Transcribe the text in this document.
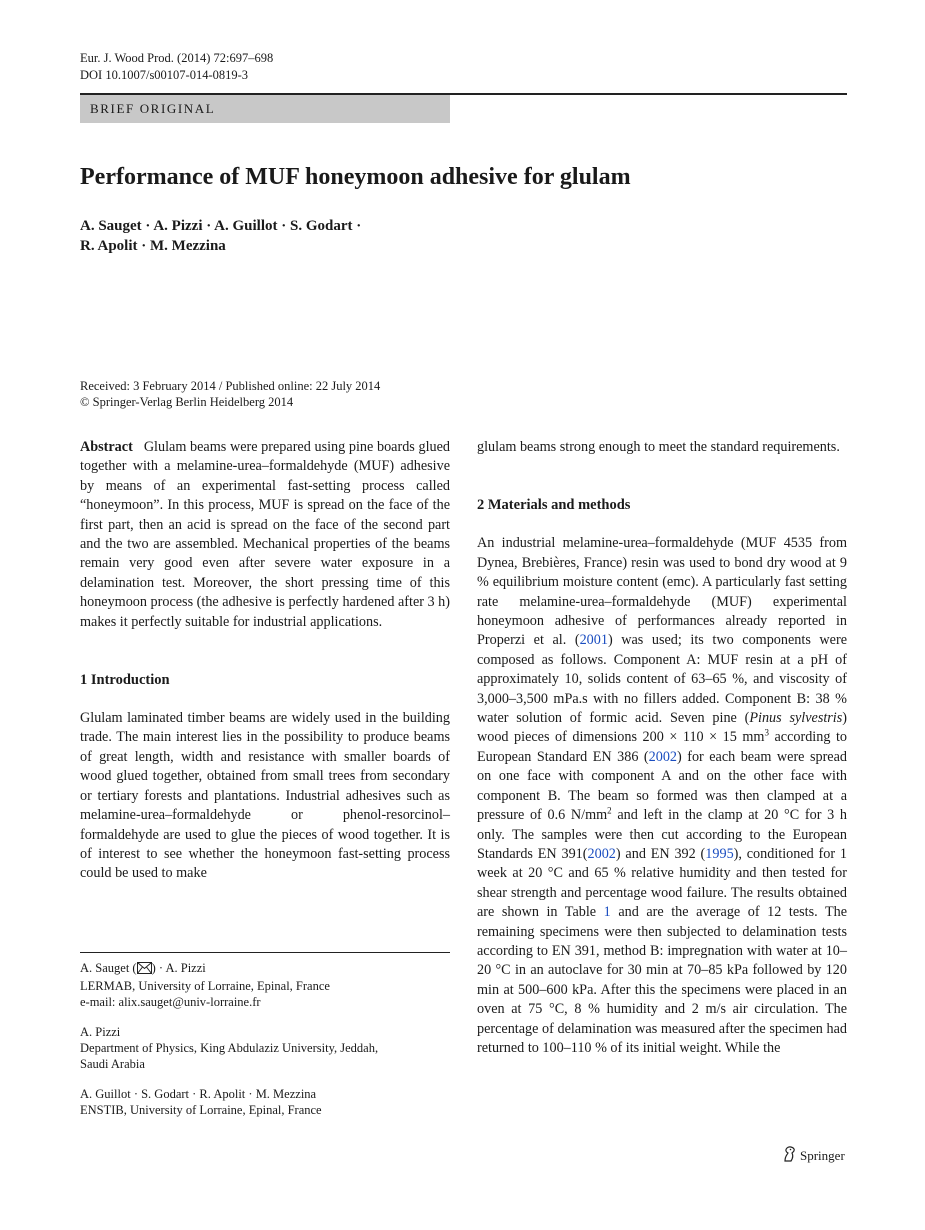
Eur. J. Wood Prod. (2014) 72:697–698
DOI 10.1007/s00107-014-0819-3
BRIEF ORIGINAL
Performance of MUF honeymoon adhesive for glulam
A. Sauget · A. Pizzi · A. Guillot · S. Godart ·
R. Apolit · M. Mezzina
Received: 3 February 2014 / Published online: 22 July 2014
© Springer-Verlag Berlin Heidelberg 2014

Abstract Glulam beams were prepared using pine boards glued together with a melamine-urea–formaldehyde (MUF) adhesive by means of an experimental fast-setting process called “honeymoon”. In this process, MUF is spread on the face of the first part, then an acid is spread on the face of the second part and the two are assembled. Mechanical properties of the beams remain very good even after severe water exposure in a delamination test. Moreover, the short pressing time of this honeymoon process (the adhesive is perfectly hardened after 3 h) makes it perfectly suitable for industrial applications.

1 Introduction

Glulam laminated timber beams are widely used in the building trade. The main interest lies in the possibility to produce beams of great length, width and resistance with smaller boards of wood glued together, obtained from small trees from secondary or tertiary forests and plantations. Industrial adhesives such as melamine-urea–formaldehyde or phenol-resorcinol–formaldehyde are used to glue the pieces of wood together. It is of interest to see whether the honeymoon fast-setting process could be used to make

glulam beams strong enough to meet the standard requirements.

2 Materials and methods

An industrial melamine-urea–formaldehyde (MUF 4535 from Dynea, Brebières, France) resin was used to bond dry wood at 9 % equilibrium moisture content (emc). A particularly fast setting rate melamine-urea–formaldehyde (MUF) experimental honeymoon adhesive of performances already reported in Properzi et al. (2001) was used; its two components were composed as follows. Component A: MUF resin at a pH of approximately 10, solids content of 63–65 %, and viscosity of 3,000–3,500 mPa.s with no fillers added. Component B: 38 % water solution of formic acid. Seven pine (Pinus sylvestris) wood pieces of dimensions 200 × 110 × 15 $mm^3$ according to European Standard EN 386 (2002) for each beam were spread on one face with component A and on the other face with component B. The beam so formed was then clamped at a pressure of 0.6 $N/mm^2$ and left in the clamp at 20 °C for 3 h only. The samples were then cut according to the European Standards EN 391(2002) and EN 392 (1995), conditioned for 1 week at 20 °C and 65 % relative humidity and then tested for shear strength and percentage wood failure. The results obtained are shown in Table 1 and are the average of 12 tests. The remaining specimens were then subjected to delamination tests according to EN 391, method B: impregnation with water at 10–20 °C in an autoclave for 30 min at 70–85 kPa followed by 120 min at 500–600 kPa. After this the specimens were placed in an oven at 75 °C, 8 % humidity and 2 m/s air circulation. The percentage of delamination was measured after the specimen had returned to 100–110 % of its initial weight. While the

A. Sauget ( ) · A. Pizzi
LERMAB, University of Lorraine, Epinal, France
e-mail: alix.sauget@univ-lorraine.fr

A. Pizzi
Department of Physics, King Abdulaziz University, Jeddah,
Saudi Arabia

A. Guillot · S. Godart · R. Apolit · M. Mezzina
ENSTIB, University of Lorraine, Epinal, France

Springer
